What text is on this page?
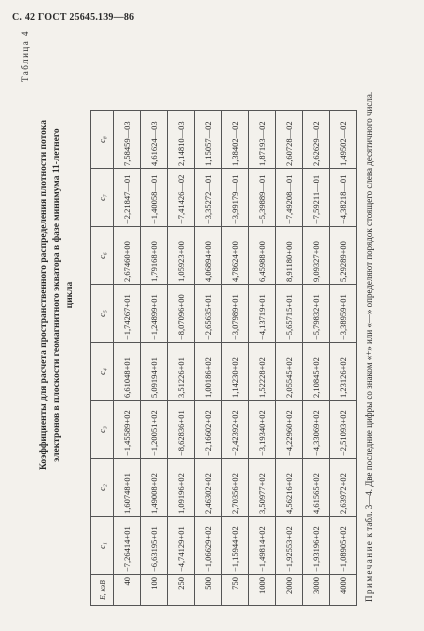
С. 42 ГОСТ 25645.139—86
Таблица 4
Коэффициенты для расчета пространственного распределения плотности потока электронов в плоскости геомагнитного экватора в фазе минимума 11-летнего цикла
E, кэВ	c₁	c₂	c₃	c₄	c₅	c₆	c₇	c₈
40	−7,26414+01	1,60748+01	−1,45589+02	6,61048+01	−1,74267+01	2,67460+00	−2,21847—01	7,58459—03
100	−6,63195+01	1,49008+02	−1,20051+02	5,09194+01	−1,24899+01	1,79168+00	−1,40058—01	4,61624—03
250	−4,74129+01	1,09196+02	−8,62836+01	3,51226+01	−8,07096+00	1,05923+00	−7,41426—02	2,14810—03
500	−1,06629+02	2,46302+02	−2,16602+02	1,00186+02	−2,65635+01	4,06894+00	−3,35272—01	1,15057—02
750	−1,15944+02	2,70356+02	−2,42392+02	1,14230+02	−3,07989+01	4,78624+00	−3,99179—01	1,38402—02
1000	−1,49814+02	3,50977+02	−3,19340+02	1,52228+02	−4,13719+01	6,45988+00	−5,39889—01	1,87193—02
2000	−1,92553+02	4,56216+02	−4,22960+02	2,05545+02	−5,65715+01	8,91180+00	−7,49208—01	2,60728—02
3000	−1,93196+02	4,61565+02	−4,33069+02	2,10845+02	−5,79832+01	9,09327+00	−7,59211—01	2,62629—02
4000	−1,08905+02	2,63972+02	−2,51093+02	1,23126+02	−3,38959+01	5,29289+00	−4,38218—01	1,49502—02
Примечание к табл. 3—4. Две последние цифры со знаком «+» или «—» определяют порядок стоящего слева десятичного числа.
